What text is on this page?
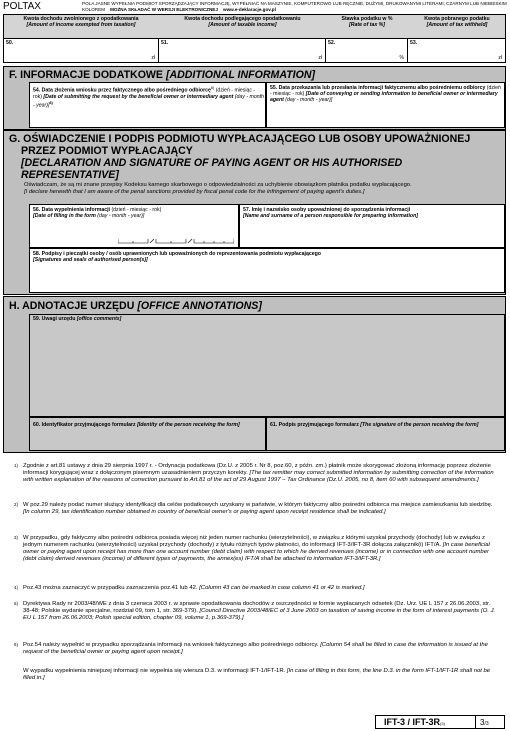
POLTAX	POLA JASNE WYPEŁNIA PODMIOT SPORZĄDZAJĄCY INFORMACJĘ, WYPEŁNIAĆ NA MASZYNIE, KOMPUTEROWO LUB RĘCZNIE, DUŻYMI, DRUKOWANYMI LITERAMI, CZARNYM LUB NIEBIESKIM
KOLOREM MOŻNA SKŁADAĆ W WERSJI ELEKTRONICZNEJ www.e-deklaracje.gov.pl
Kwota dochodu zwolnionego z opodatkowania
[Amount of income exempted from taxation]
Kwota dochodu podlegającego opodatkowaniu
[Amount of taxable income]
Stawka podatku w %
[Rate of tax %]
Kwota pobranego podatku
[Amount of tax withheld]
50.
zł
51.
zł
52.
%
53.
zł
F. INFORMACJE DODATKOWE [ADDITIONAL INFORMATION]
54. Data złożenia wniosku przez faktycznego albo pośredniego odbiorcę$^{6)}$ (dzień - miesiąc - rok) [Date of submitting the request by the beneficial owner or intermediary agent (day - month - year)]$^{6)}$
55. Data przekazania lub przesłania informacji faktycznemu albo pośredniemu odbiorcy (dzień - miesiąc - rok) [Date of conveying or sending information to beneficial owner or intermediary agent (day - month - year)]
G. OŚWIADCZENIE I PODPIS PODMIOTU WYPŁACAJĄCEGO LUB OSOBY UPOWAŻNIONEJ
PRZEZ PODMIOT WYPŁACAJĄCY
[DECLARATION AND SIGNATURE OF PAYING AGENT OR HIS AUTHORISED
REPRESENTATIVE]
Oświadczam, że są mi znane przepisy Kodeksu karnego skarbowego o odpowiedzialności za uchybienie obowiązkom płatnika podatku wypłacającego.
[I declare herewith that I am aware of the penal sanctions provided by fiscal penal code for the infringement of paying agent's duties.]
56. Data wypełnienia informacji (dzień - miesiąc - rok)
[Date of filling in the form (day - month - year)]
57. Imię i nazwisko osoby upoważnionej do sporządzenia informacji
[Name and surname of a person responsible for preparing information]
58. Podpisy i pieczątki osoby / osób uprawnionych lub upoważnionych do reprezentowania podmiotu wypłacającego
[Signatures and seals of authorised person(s)]
H. ADNOTACJE URZĘDU [OFFICE ANNOTATIONS]
59. Uwagi urzędu [office comments]
60. Identyfikator przyjmującego formularz [Identity of the person receiving the form]	61. Podpis przyjmującego formularz [The signature of the person receiving the form]
1) Zgodnie z art.81 ustawy z dnia 29 sierpnia 1997 r. - Ordynacja podatkowa (Dz.U. z 2005 r. Nr 8, poz.60, z późn. zm.) płatnik może skorygować złożoną informację poprzez złożenie informacji korygującej wraz z dołączonym pisemnym uzasadnieniem przyczyn korekty. [The tax remitter may correct submitted information by submitting correction of the information with written explanation of the reasons of correction pursuant to Art.81 of the act of 29 August 1997 – Tax Ordinance (Dz.U. 2005, no 8, item 60 with subsequent amendments.]
2) W poz.29 należy podać numer służący identyfikacji dla celów podatkowych uzyskany w państwie, w którym faktyczny albo pośredni odbiorca ma miejsce zamieszkania lub siedzibę. [In column 29, tax identification number obtained in country of beneficial owner's or paying agent upon receipt residence shall be indicated.]
3) W przypadku, gdy faktyczny albo pośredni odbiorca posiada więcej niż jeden numer rachunku (wierzytelności), w związku z którymi uzyskał przychody (dochody) lub w związku z jednym numerem rachunku (wierzytelności) uzyskał przychody (dochody) z tytułu różnych typów płatności, do informacji IFT-3/IFT-3R dołącza załącznik(i) IFT/A. [In case beneficial owner or paying agent upon receipt has more than one account number (debt claim) with respect to which he derived revenues (income) or in connection with one account number (debt claim) derived revenues (income) of different types of payments, the annex(es) IFT/A shall be attached to information IFT-3/IFT-3R.]
4) Poz.43 można zaznaczyć w przypadku zaznaczenia poz.41 lub 42. [Column 43 can be marked in case column 41 or 42 is marked.]
5) Dyrektywa Rady nr 2003/48/WE z dnia 3 czerwca 2003 r. w sprawie opodatkowania dochodów z oszczędności w formie wypłacanych odsetek (Dz. Urz. UE L 157 z 26.06.2003, str. 38-48; Polskie wydanie specjalne, rozdział 09, tom 1, str. 369-379). [Council Directive 2003/48/EC of 3 June 2003 on taxation of saving income in the form of interest payments (O. J. EU L 157 from 26.06.2003; Polish special edition, chapter 09, volume 1, p.369-379).]
6) Poz.54 należy wypełnić w przypadku sporządzania informacji na wniosek faktycznego albo pośredniego odbiorcy. [Column 54 shall be filled in case the information is issued at the request of the beneficial owner or paying agent upon receipt.]
W wypadku wypełnienia niniejszej informacji nie wypełnia się wiersza D.3. w informacji IFT-1/IFT-1R. [In case of filling in this form, the line D.3. in the form IFT-1/IFT-1R shall not be filled in.]
IFT-3 / IFT-3R(3)	3/3
